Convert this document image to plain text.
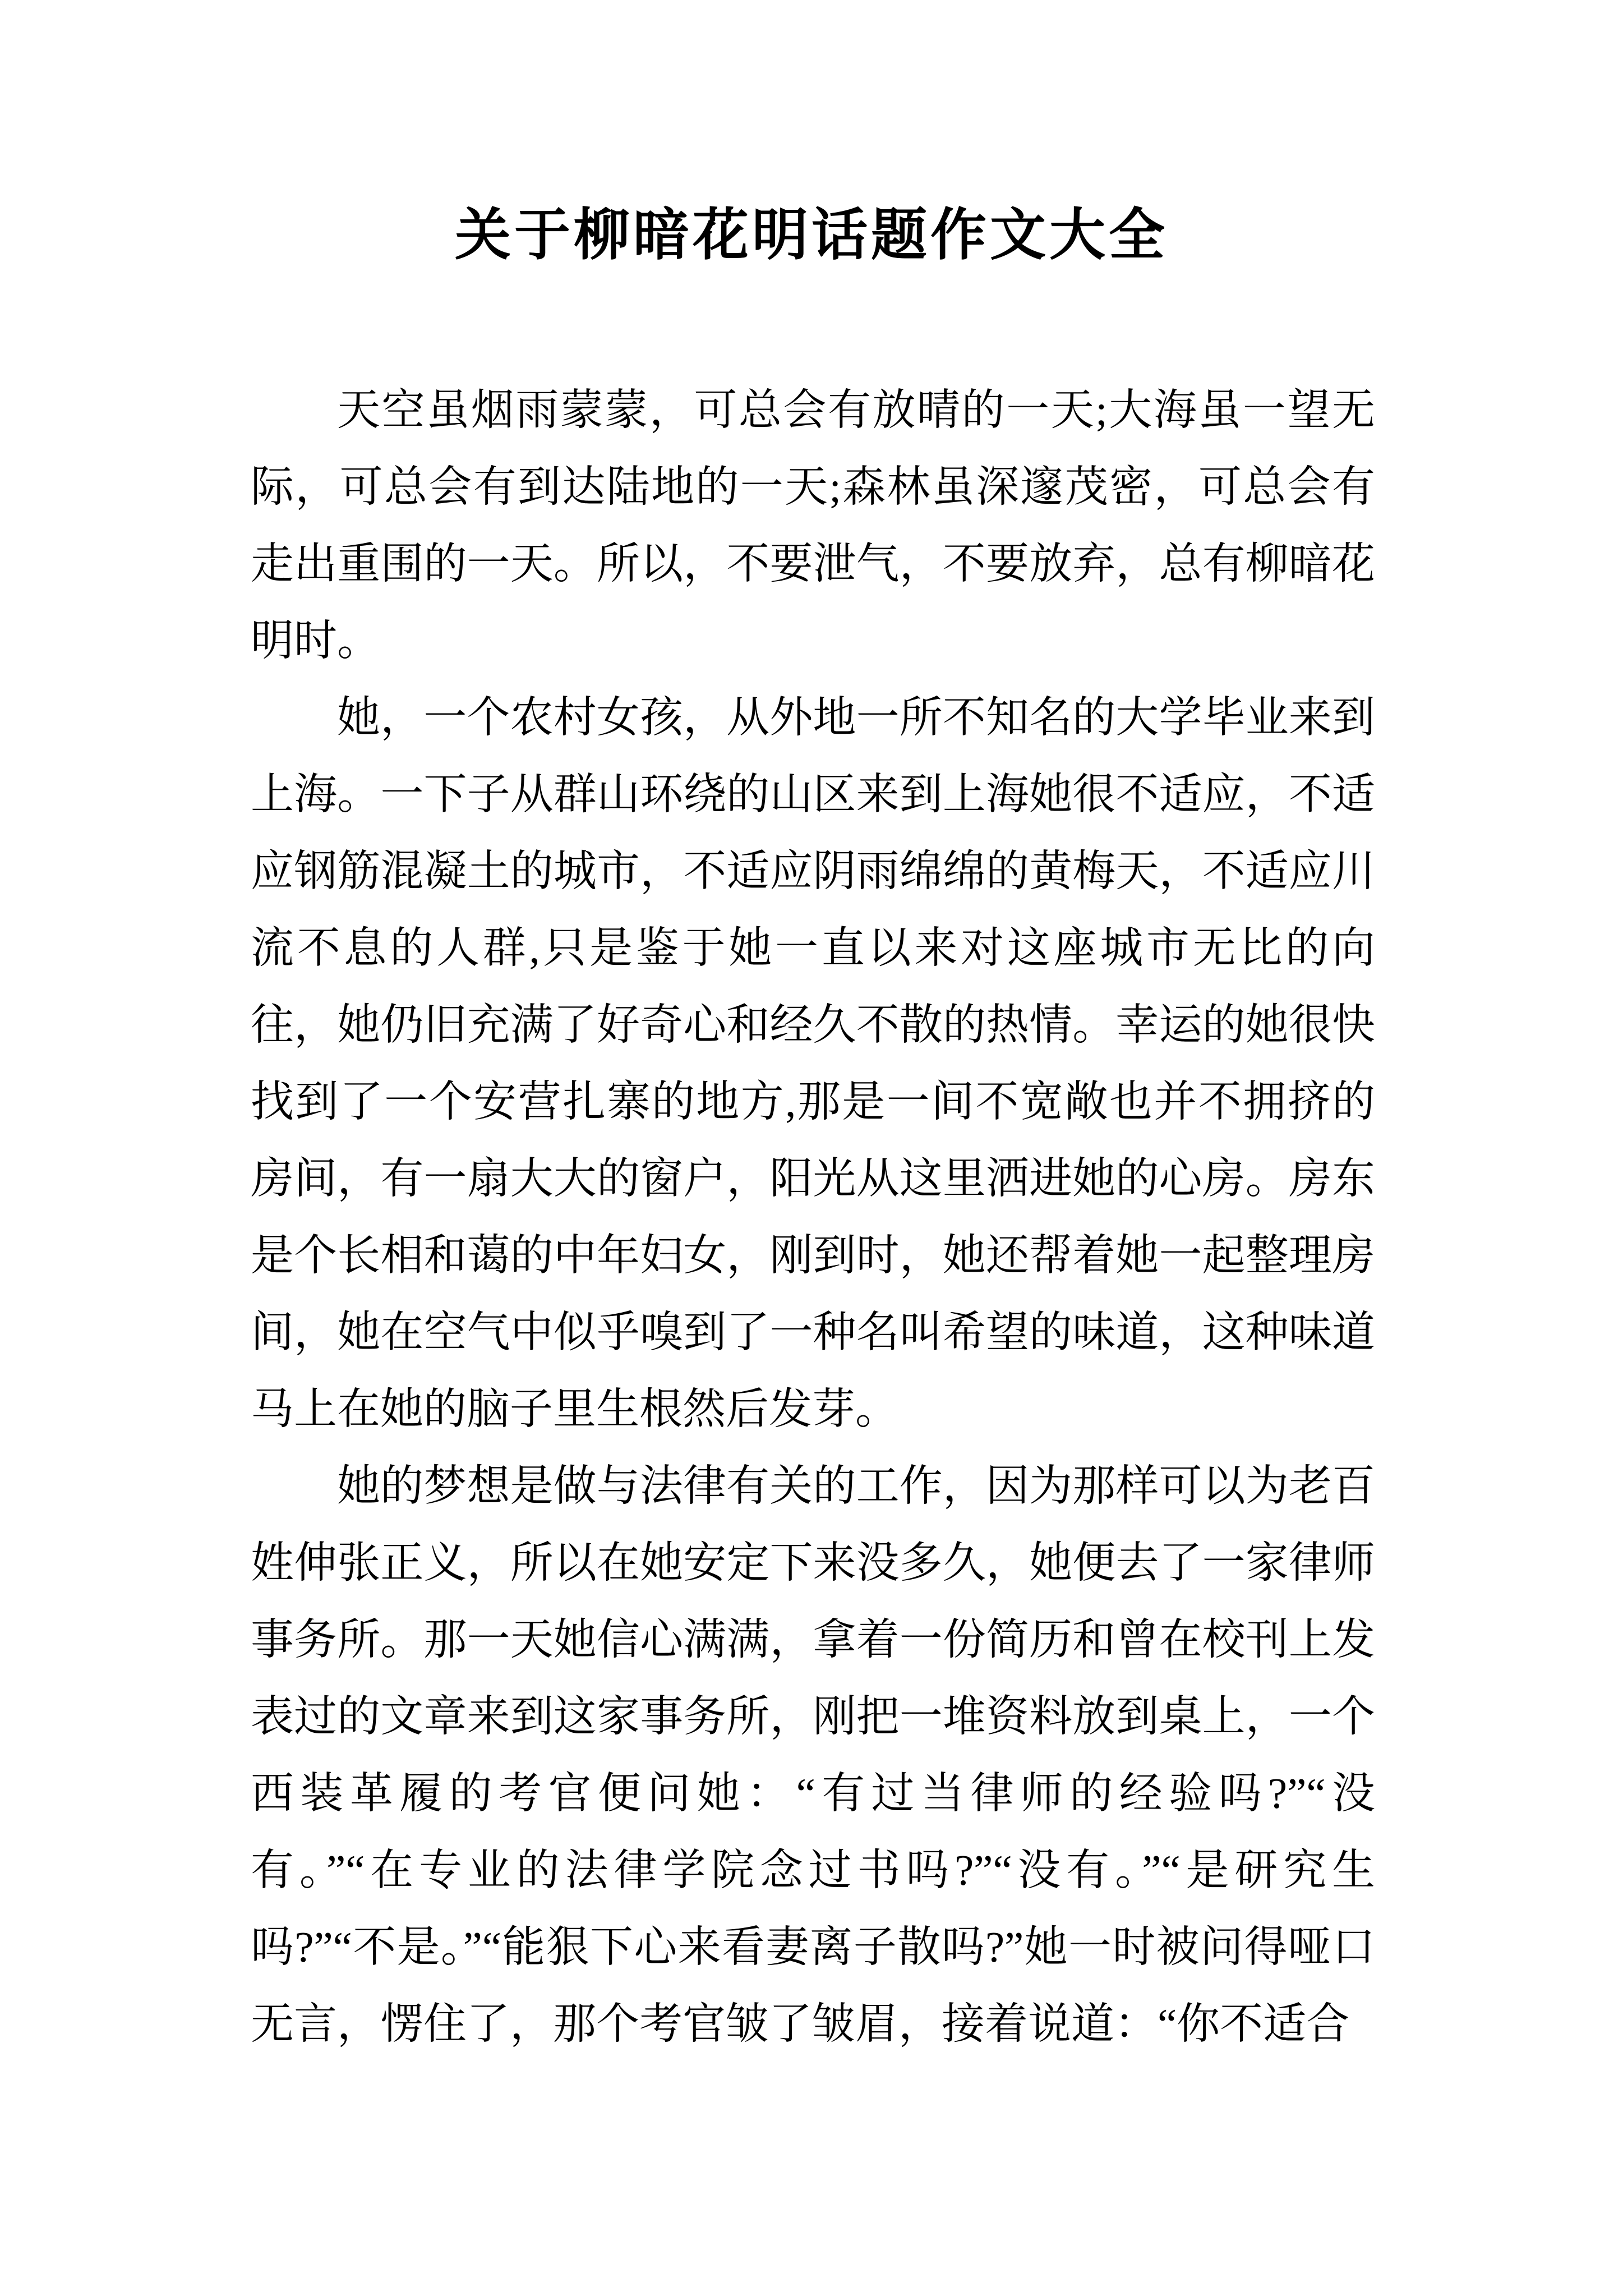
关于柳暗花明话题作文大全

天空虽烟雨蒙蒙，可总会有放晴的一天;大海虽一望无际，可总会有到达陆地的一天;森林虽深邃茂密，可总会有走出重围的一天。所以，不要泄气，不要放弃，总有柳暗花明时。

她，一个农村女孩，从外地一所不知名的大学毕业来到上海。一下子从群山环绕的山区来到上海她很不适应，不适应钢筋混凝土的城市，不适应阴雨绵绵的黄梅天，不适应川流不息的人群,只是鉴于她一直以来对这座城市无比的向往，她仍旧充满了好奇心和经久不散的热情。幸运的她很快找到了一个安营扎寨的地方,那是一间不宽敞也并不拥挤的房间，有一扇大大的窗户，阳光从这里洒进她的心房。房东是个长相和蔼的中年妇女，刚到时，她还帮着她一起整理房间，她在空气中似乎嗅到了一种名叫希望的味道，这种味道马上在她的脑子里生根然后发芽。

她的梦想是做与法律有关的工作，因为那样可以为老百姓伸张正义，所以在她安定下来没多久，她便去了一家律师事务所。那一天她信心满满，拿着一份简历和曾在校刊上发表过的文章来到这家事务所，刚把一堆资料放到桌上，一个西装革履的考官便问她：“有过当律师的经验吗?”“没有。”“在专业的法律学院念过书吗?”“没有。”“是研究生吗?”“不是。”“能狠下心来看妻离子散吗?”她一时被问得哑口无言，愣住了，那个考官皱了皱眉，接着说道：“你不适合
